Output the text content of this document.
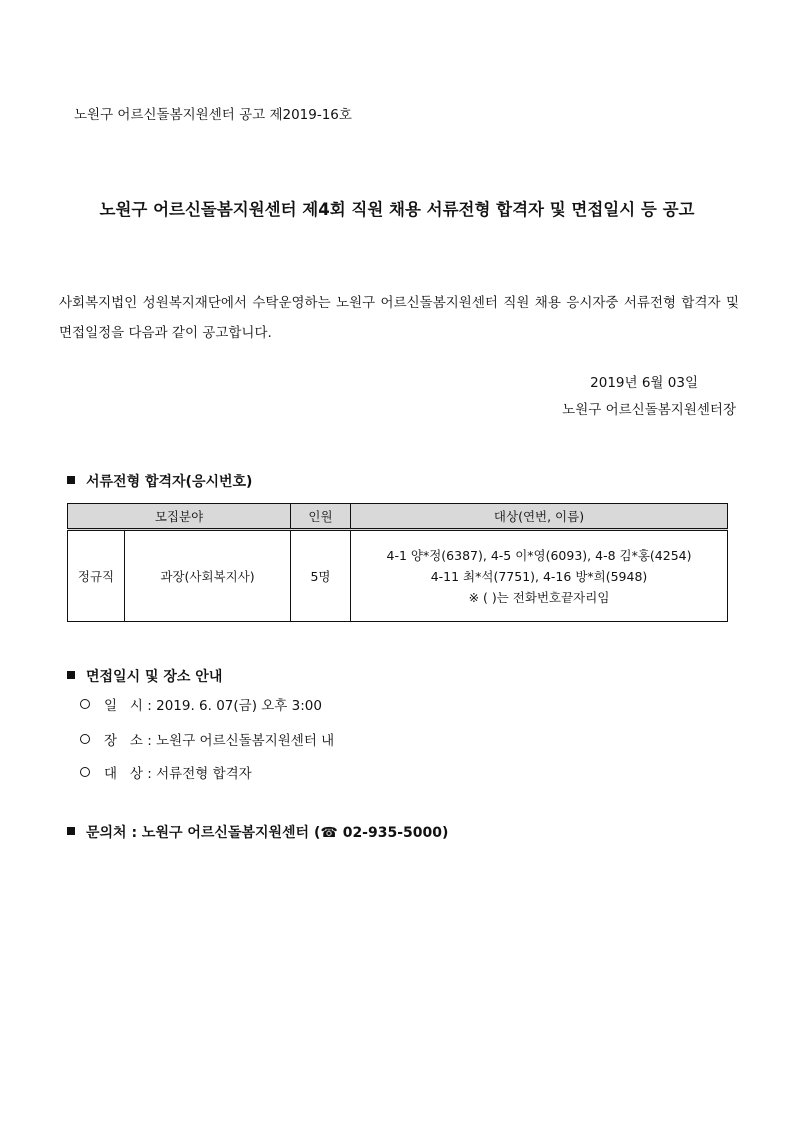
노원구 어르신돌봄지원센터 공고 제2019-16호

노원구 어르신돌봄지원센터 제4회 직원 채용 서류전형 합격자 및 면접일시 등 공고

사회복지법인 성원복지재단에서 수탁운영하는 노원구 어르신돌봄지원센터 직원 채용 응시자중 서류전형 합격자 및 면접일정을 다음과 같이 공고합니다.

2019년 6월 03일

노원구 어르신돌봄지원센터장

서류전형 합격자(응시번호)
모집분야		인원	대상(연번, 이름)
정규직	과장(사회복지사)	5명	4-1 양*정(6387), 4-5 이*영(6093), 4-8 김*홍(4254)
4-11 최*석(7751), 4-16 방*희(5948)
※ ( )는 전화번호끝자리임
면접일시 및 장소 안내
일   시 : 2019. 6. 07(금) 오후 3:00
장   소 : 노원구 어르신돌봄지원센터 내
대   상 : 서류전형 합격자
문의처 : 노원구 어르신돌봄지원센터 (☎ 02-935-5000)
